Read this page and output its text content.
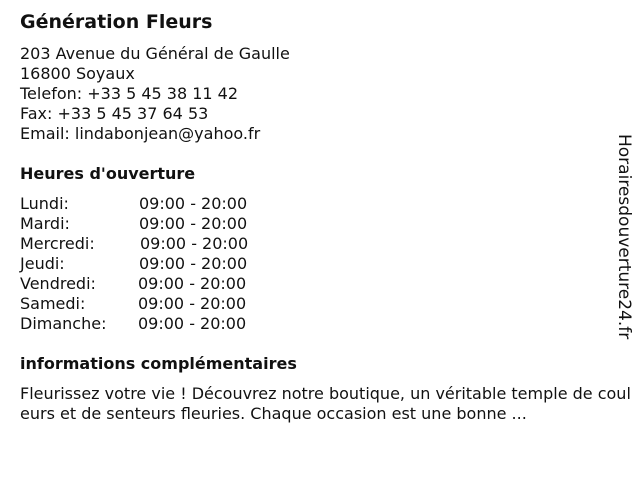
Génération Fleurs
203 Avenue du Général de Gaulle
16800 Soyaux
Telefon: +33 5 45 38 11 42
Fax: +33 5 45 37 64 53
Email: lindabonjean@yahoo.fr
Heures d'ouverture
Lundi:	09:00 - 20:00
Mardi:	09:00 - 20:00
Mercredi:	09:00 - 20:00
Jeudi:	09:00 - 20:00
Vendredi:	09:00 - 20:00
Samedi:	09:00 - 20:00
Dimanche: 09:00 - 20:00
informations complémentaires
Fleurissez votre vie ! Découvrez notre boutique, un véritable temple de couleurs et de senteurs fleuries. Chaque occasion est une bonne ...
Horairesdouverture24.fr
